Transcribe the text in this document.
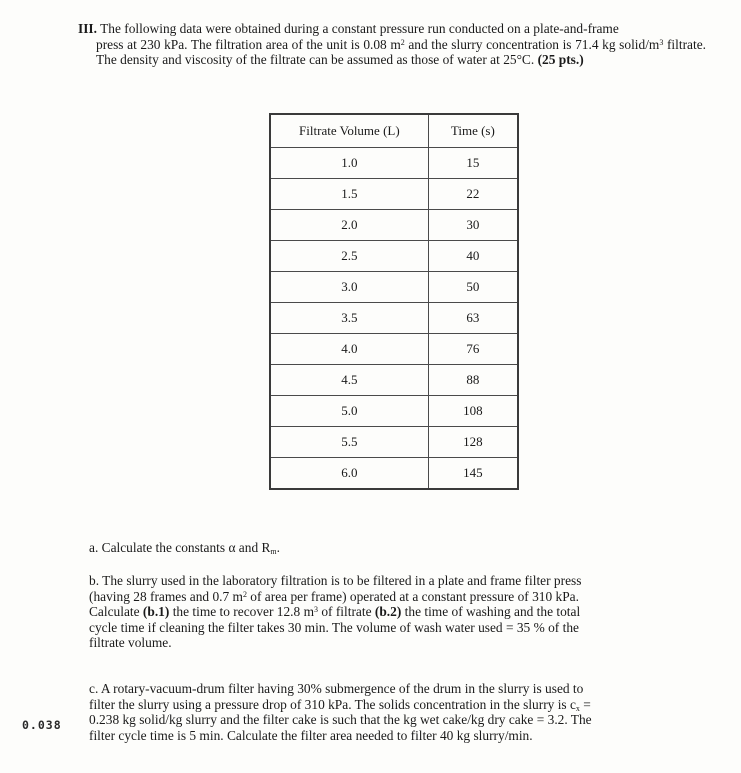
III. The following data were obtained during a constant pressure run conducted on a plate-and-frame
press at 230 kPa. The filtration area of the unit is 0.08 $m^2$ and the slurry concentration is 71.4 kg solid/$m^3$ filtrate. The density and viscosity of the filtrate can be assumed as those of water at 25°C. (25 pts.)
Filtrate Volume (L)	Time (s)
1.0	15
1.5	22
2.0	30
2.5	40
3.0	50
3.5	63
4.0	76
4.5	88
5.0	108
5.5	128
6.0	145
a. Calculate the constants α and $R_m$.
b. The slurry used in the laboratory filtration is to be filtered in a plate and frame filter press
(having 28 frames and 0.7 $m^2$ of area per frame) operated at a constant pressure of 310 kPa.
Calculate (b.1) the time to recover 12.8 $m^3$ of filtrate (b.2) the time of washing and the total
cycle time if cleaning the filter takes 30 min. The volume of wash water used = 35 % of the
filtrate volume.
c. A rotary-vacuum-drum filter having 30% submergence of the drum in the slurry is used to
filter the slurry using a pressure drop of 310 kPa. The solids concentration in the slurry is $c_x$ =
0.238 kg solid/kg slurry and the filter cake is such that the kg wet cake/kg dry cake = 3.2. The
filter cycle time is 5 min. Calculate the filter area needed to filter 40 kg slurry/min.
0.038
